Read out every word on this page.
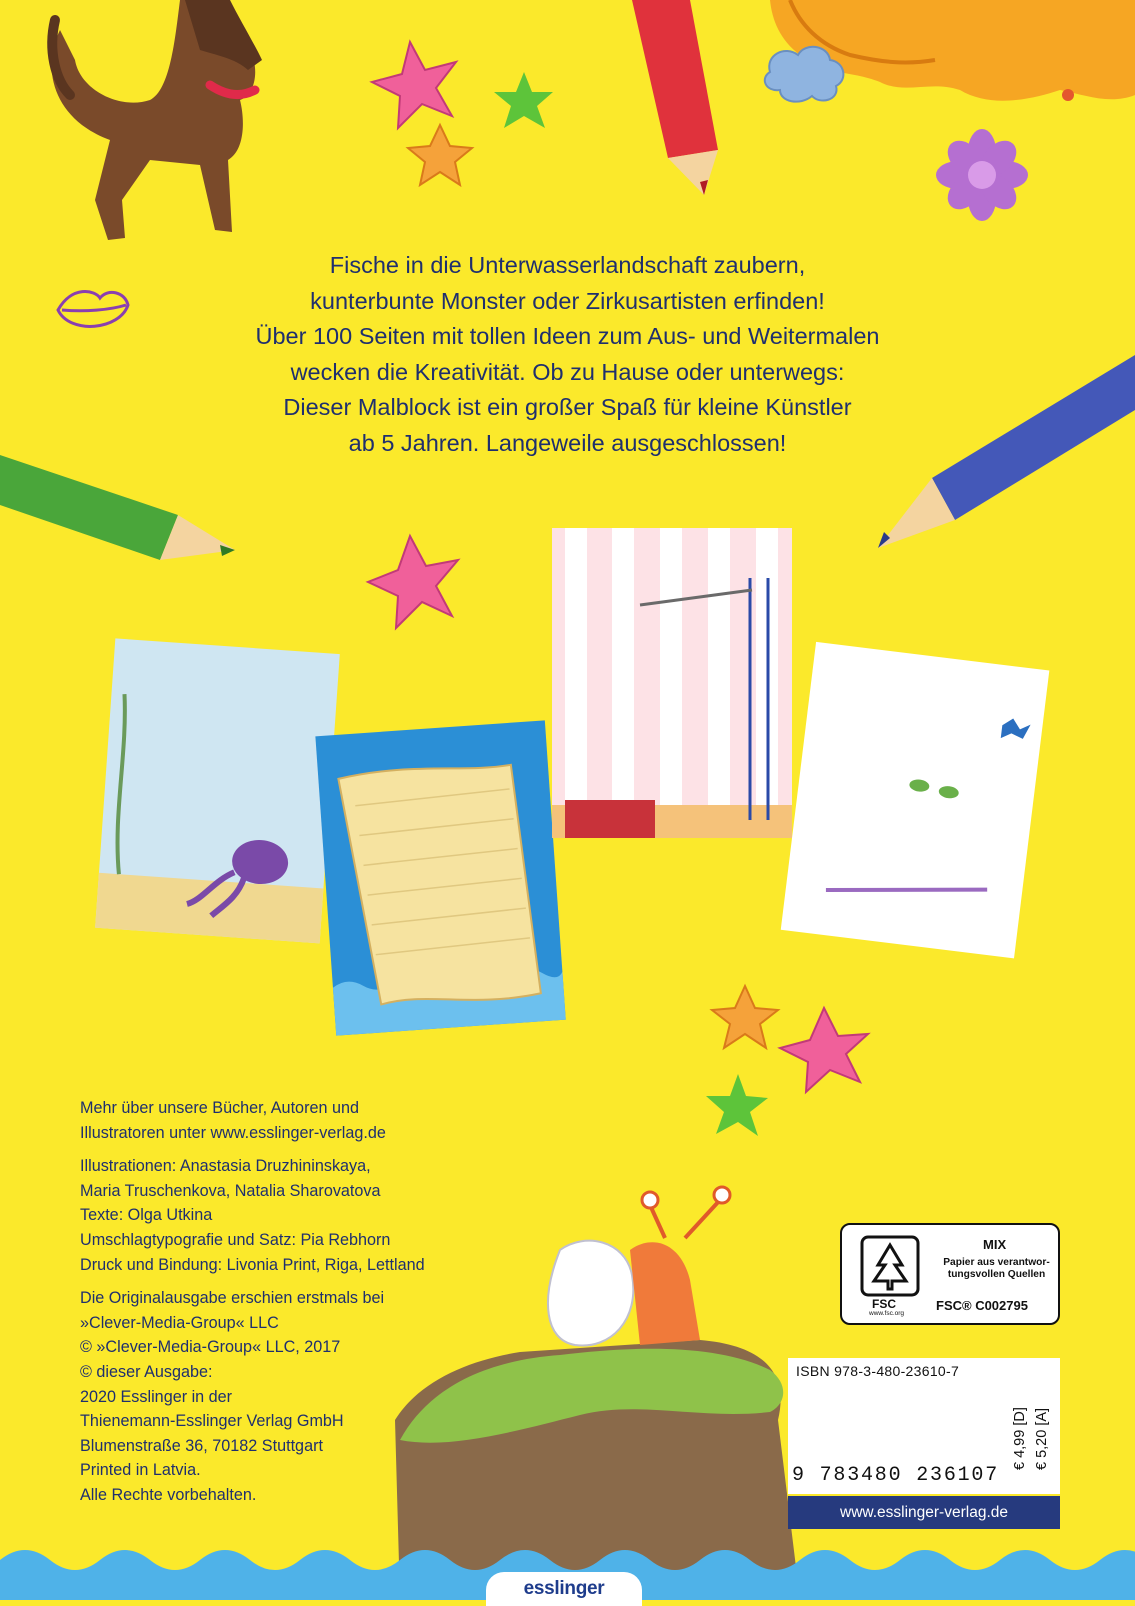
Fische in die Unterwasserlandschaft zaubern,
kunterbunte Monster oder Zirkusartisten erfinden!
Über 100 Seiten mit tollen Ideen zum Aus- und Weitermalen
wecken die Kreativität. Ob zu Hause oder unterwegs:
Dieser Malblock ist ein großer Spaß für kleine Künstler
ab 5 Jahren. Langeweile ausgeschlossen!
Mehr über unsere Bücher, Autoren und
Illustratoren unter www.esslinger-verlag.de
Illustrationen: Anastasia Druzhininskaya,
Maria Truschenkova, Natalia Sharovatova
Texte: Olga Utkina
Umschlagtypografie und Satz: Pia Rebhorn
Druck und Bindung: Livonia Print, Riga, Lettland
Die Originalausgabe erschien erstmals bei
»Clever-Media-Group« LLC
© »Clever-Media-Group« LLC, 2017
© dieser Ausgabe:
2020 Esslinger in der
Thienemann-Esslinger Verlag GmbH
Blumenstraße 36, 70182 Stuttgart
Printed in Latvia.
Alle Rechte vorbehalten.
FSC
www.fsc.org
MIX
Papier aus verantwor-tungsvollen Quellen
FSC® C002795
ISBN 978-3-480-23610-7
9 783480 236107
€ 4,99 [D] € 5,20 [A]
www.esslinger-verlag.de
esslinger
